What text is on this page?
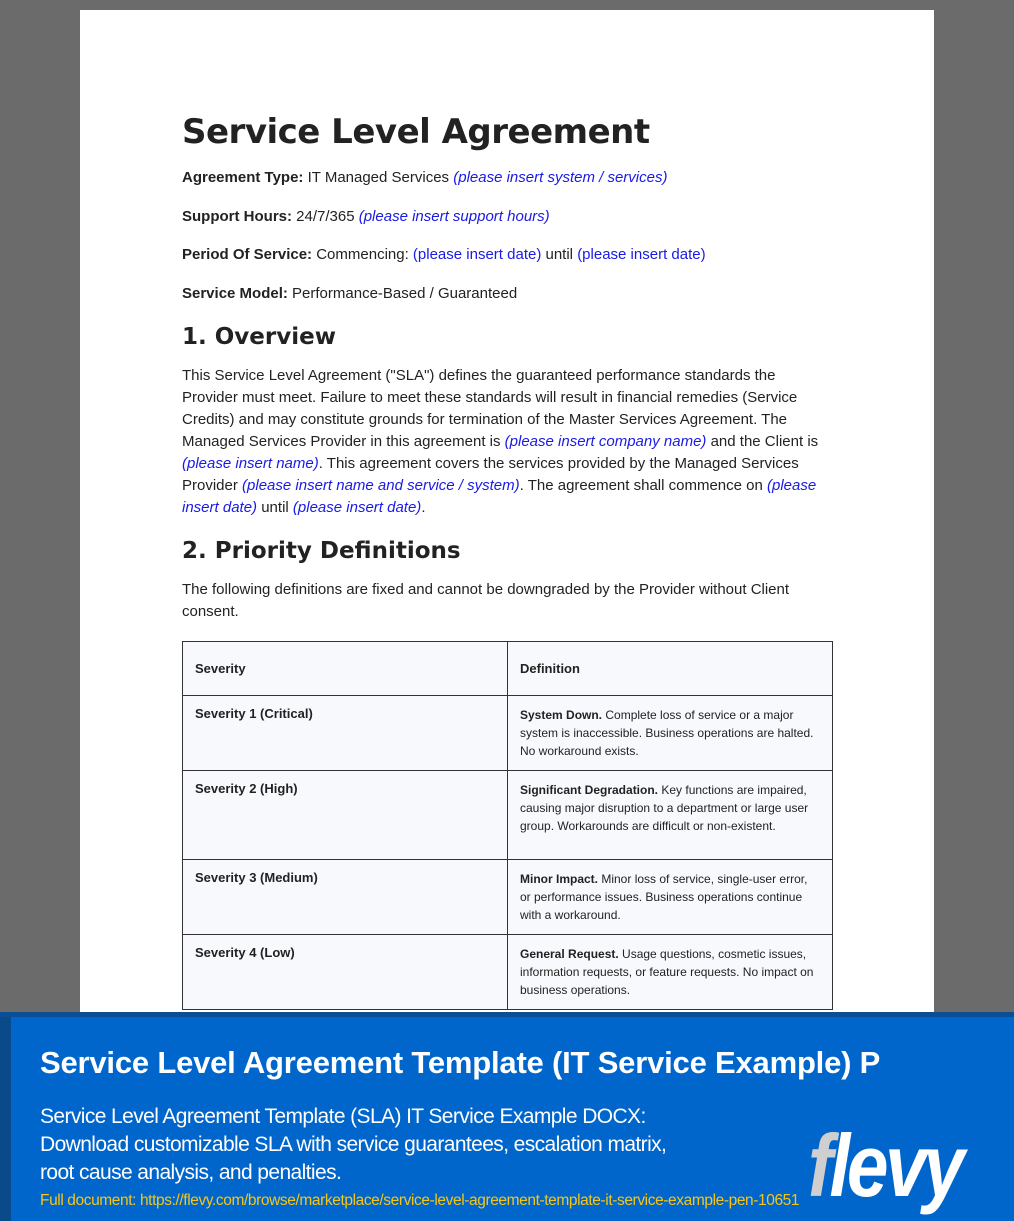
Service Level Agreement
Agreement Type: IT Managed Services (please insert system / services)
Support Hours: 24/7/365 (please insert support hours)
Period Of Service: Commencing: (please insert date) until (please insert date)
Service Model: Performance-Based / Guaranteed
1. Overview
This Service Level Agreement ("SLA") defines the guaranteed performance standards the Provider must meet. Failure to meet these standards will result in financial remedies (Service Credits) and may constitute grounds for termination of the Master Services Agreement. The Managed Services Provider in this agreement is (please insert company name) and the Client is (please insert name). This agreement covers the services provided by the Managed Services Provider (please insert name and service / system). The agreement shall commence on (please insert date) until (please insert date).
2. Priority Definitions
The following definitions are fixed and cannot be downgraded by the Provider without Client consent.
Severity	Definition
Severity 1 (Critical)	System Down. Complete loss of service or a major system is inaccessible. Business operations are halted. No workaround exists.
Severity 2 (High)	Significant Degradation. Key functions are impaired, causing major disruption to a department or large user group. Workarounds are difficult or non-existent.
Severity 3 (Medium)	Minor Impact. Minor loss of service, single-user error, or performance issues. Business operations continue with a workaround.
Severity 4 (Low)	General Request. Usage questions, cosmetic issues, information requests, or feature requests. No impact on business operations.
Service Level Agreement Template (IT Service Example) P
Service Level Agreement Template (SLA) IT Service Example DOCX: Download customizable SLA with service guarantees, escalation matrix, root cause analysis, and penalties.	flevy
Full document: https://flevy.com/browse/marketplace/service-level-agreement-template-it-service-example-pen-10651
